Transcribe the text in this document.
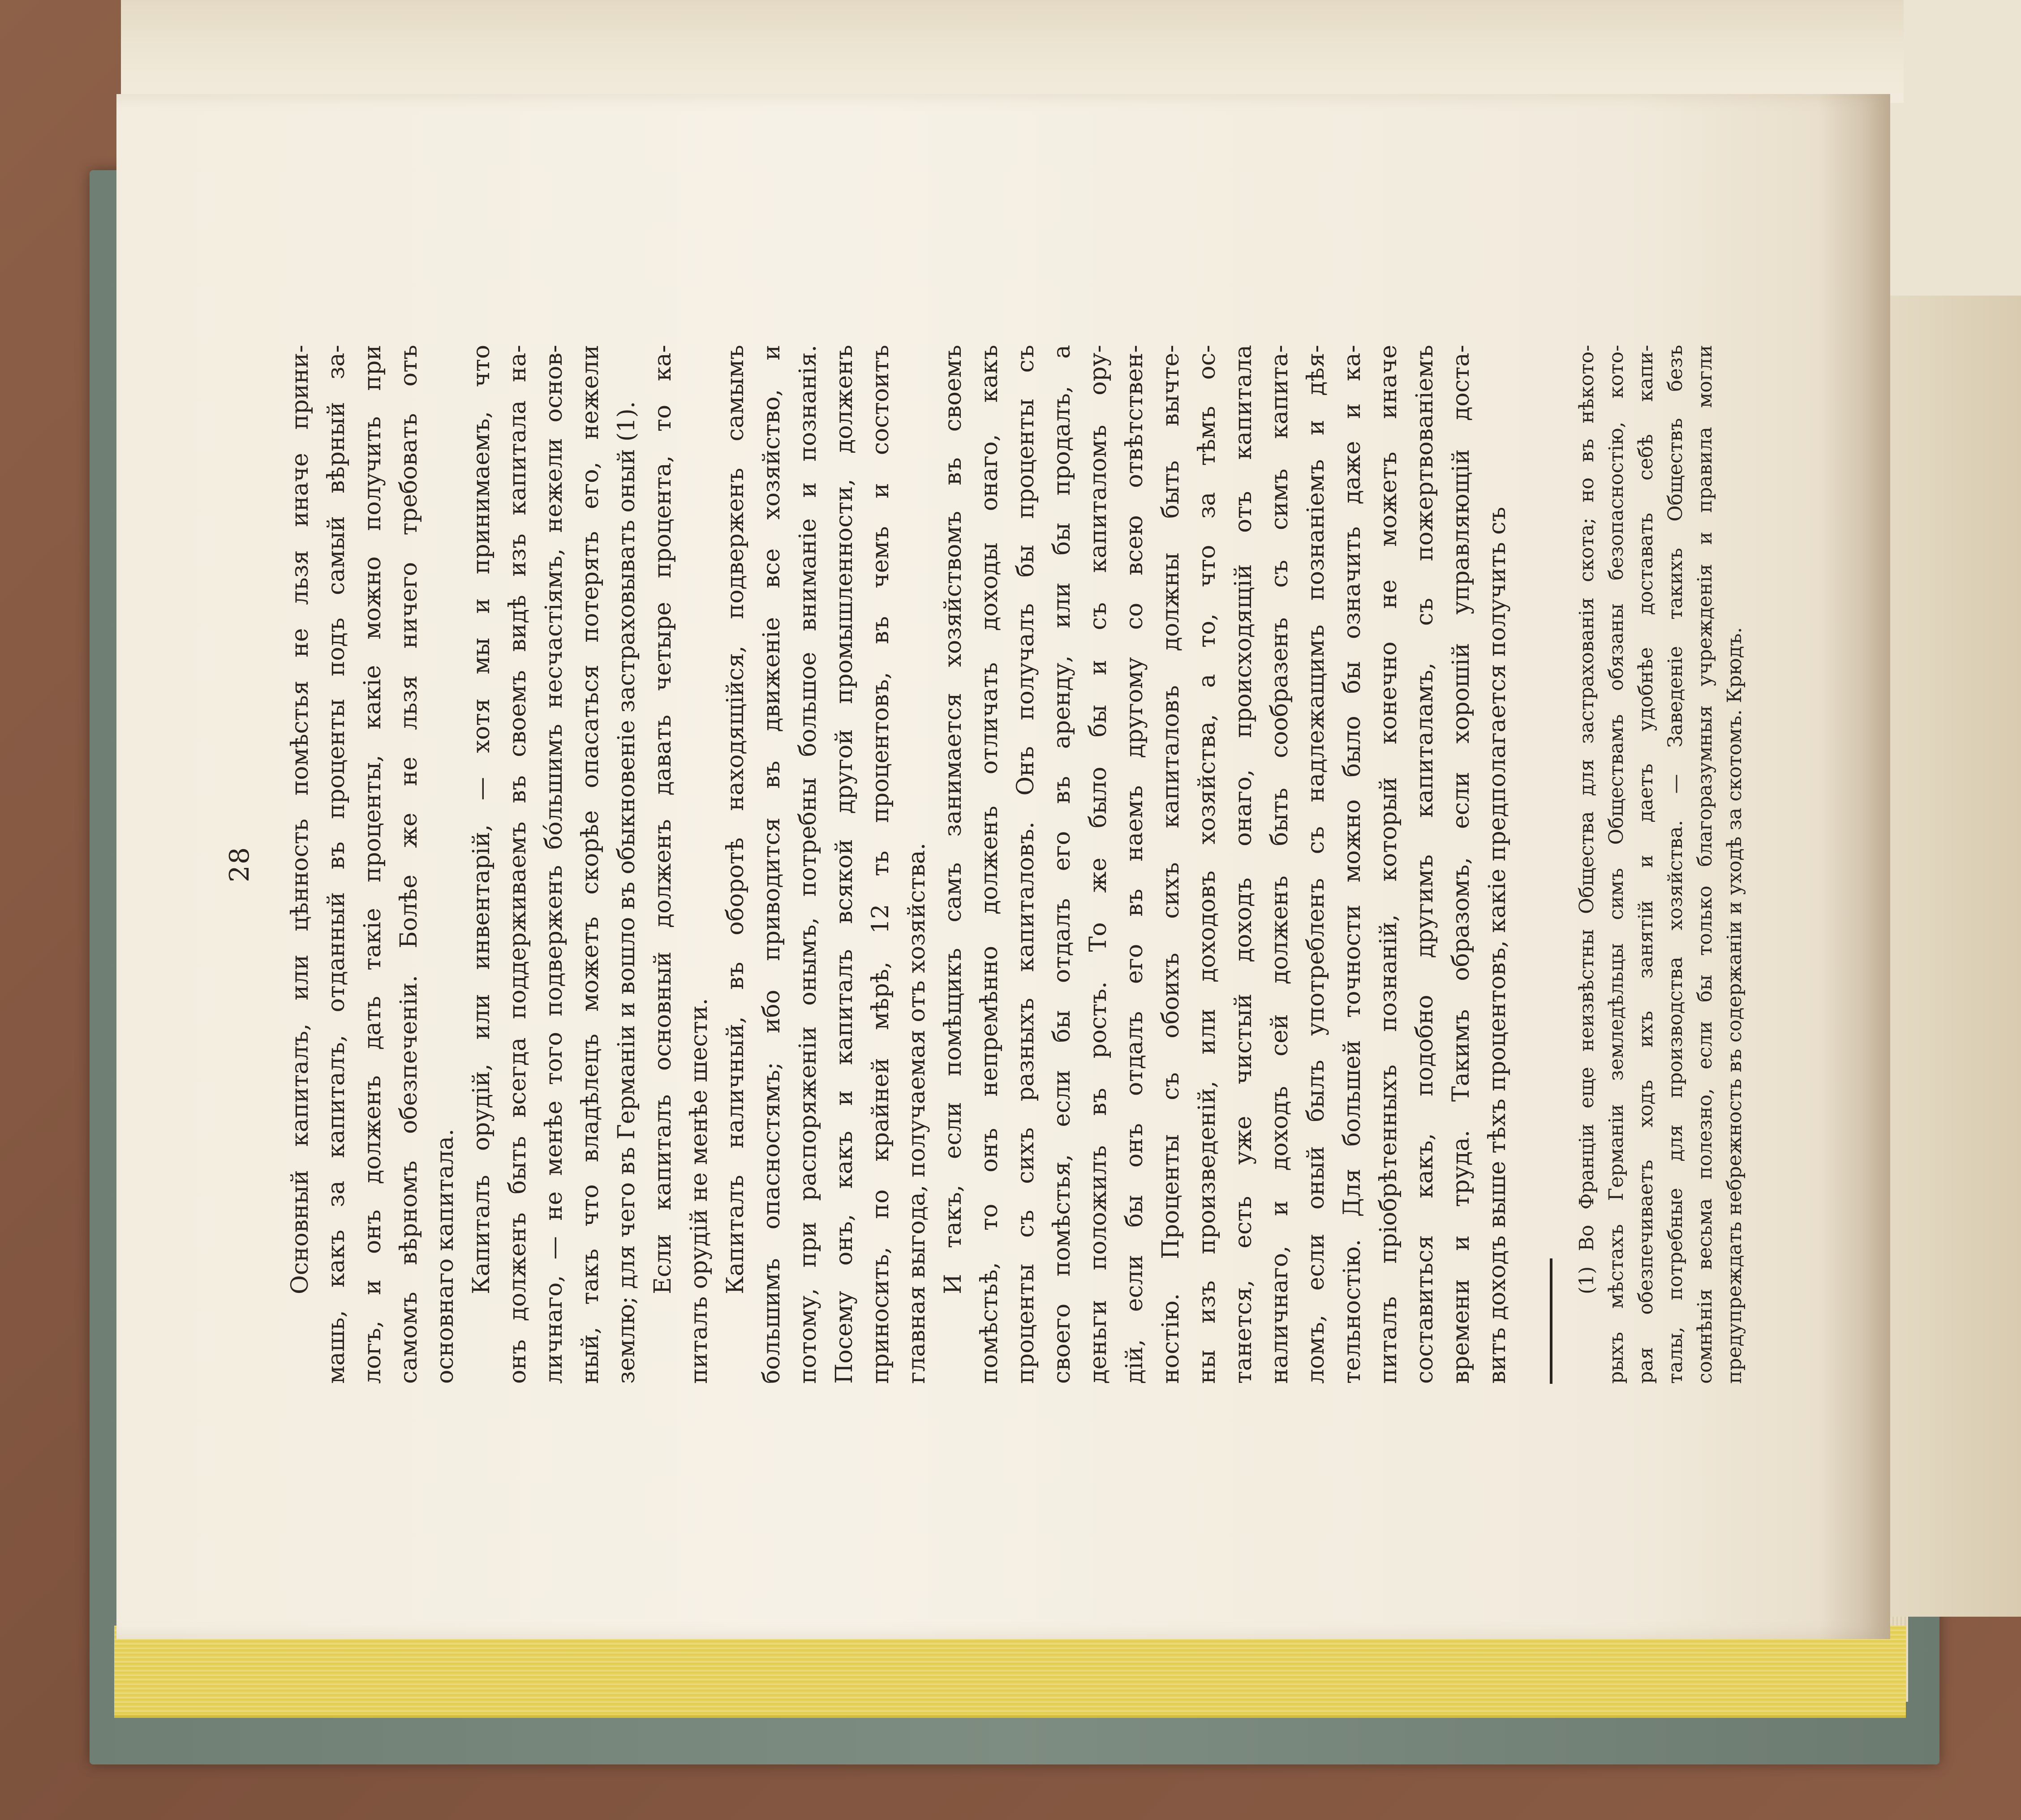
28 Основный капиталъ, или цѣнность помѣстья не льзя иначе прини- машь, какъ за капиталъ, отданный въ проценты подъ самый вѣрный за- логъ, и онъ долженъ дать такіе проценты, какіе можно получить при самомъ вѣрномъ обезпеченіи. Болѣе же не льзя ничего требовать отъ основнаго капитала. Капиталъ орудій, или инвентарій, — хотя мы и принимаемъ, что онъ долженъ быть всегда поддерживаемъ въ своемъ видѣ изъ капитала на- личнаго, — не менѣе того подверженъ бо́льшимъ несчастіямъ, нежели основ- ный, такъ что владѣлецъ можетъ скорѣе опасаться потерять его, нежели землю; для чего въ Германіи и вошло въ обыкновеніе застраховывать оный (1). Если капиталъ основный долженъ давать четыре процента, то ка- питалъ орудій не менѣе шести. Капиталъ наличный, въ оборотѣ находящійся, подверженъ самымъ большимъ опасностямъ; ибо приводится въ движеніе все хозяйство, и потому, при распоряженіи онымъ, потребны большое вниманіе и познанія. Посему онъ, какъ и капиталъ всякой другой промышленности, долженъ приносить, по крайней мѣрѣ, 12 ть процентовъ, въ чемъ и состоитъ главная выгода, получаемая отъ хозяйства. И такъ, если помѣщикъ самъ занимается хозяйствомъ въ своемъ помѣстьѣ, то онъ непремѣнно долженъ отличать доходы онаго, какъ проценты съ сихъ разныхъ капиталовъ. Онъ получалъ бы проценты съ своего помѣстья, если бы отдалъ его въ аренду, или бы продалъ, а деньги положилъ въ ростъ. То же было бы и съ капиталомъ ору- дій, если бы онъ отдалъ его въ наемъ другому со всею отвѣтствен- ностію. Проценты съ обоихъ сихъ капиталовъ должны быть вычте- ны изъ произведеній, или доходовъ хозяйства, а то, что за тѣмъ ос- танется, есть уже чистый доходъ онаго, происходящій отъ капитала наличнаго, и доходъ сей долженъ быть сообразенъ съ симъ капита- ломъ, если оный былъ употребленъ съ надлежащимъ познаніемъ и дѣя- тельностію. Для большей точности можно было бы означить даже и ка- питалъ пріобрѣтенныхъ познаній, который конечно не можетъ иначе составиться какъ, подобно другимъ капиталамъ, съ пожертвованіемъ времени и труда. Такимъ образомъ, если хорошій управляющій доста- витъ доходъ выше тѣхъ процентовъ, какіе предполагается получить съ	(1) Во Франціи еще неизвѣстны Общества для застрахованія скота; но въ нѣкото- рыхъ мѣстахъ Германіи земледѣльцы симъ Обществамъ обязаны безопасностію, кото- рая обезпечиваетъ ходъ ихъ занятій и даетъ удобнѣе доставать себѣ капи- талы, потребные для производства хозяйства. — Заведеніе такихъ Обществъ безъ сомнѣнія весьма полезно, если бы только благоразумныя учрежденія и правила могли предупреждать небрежность въ содержаніи и уходѣ за скотомъ. Крюдъ.
